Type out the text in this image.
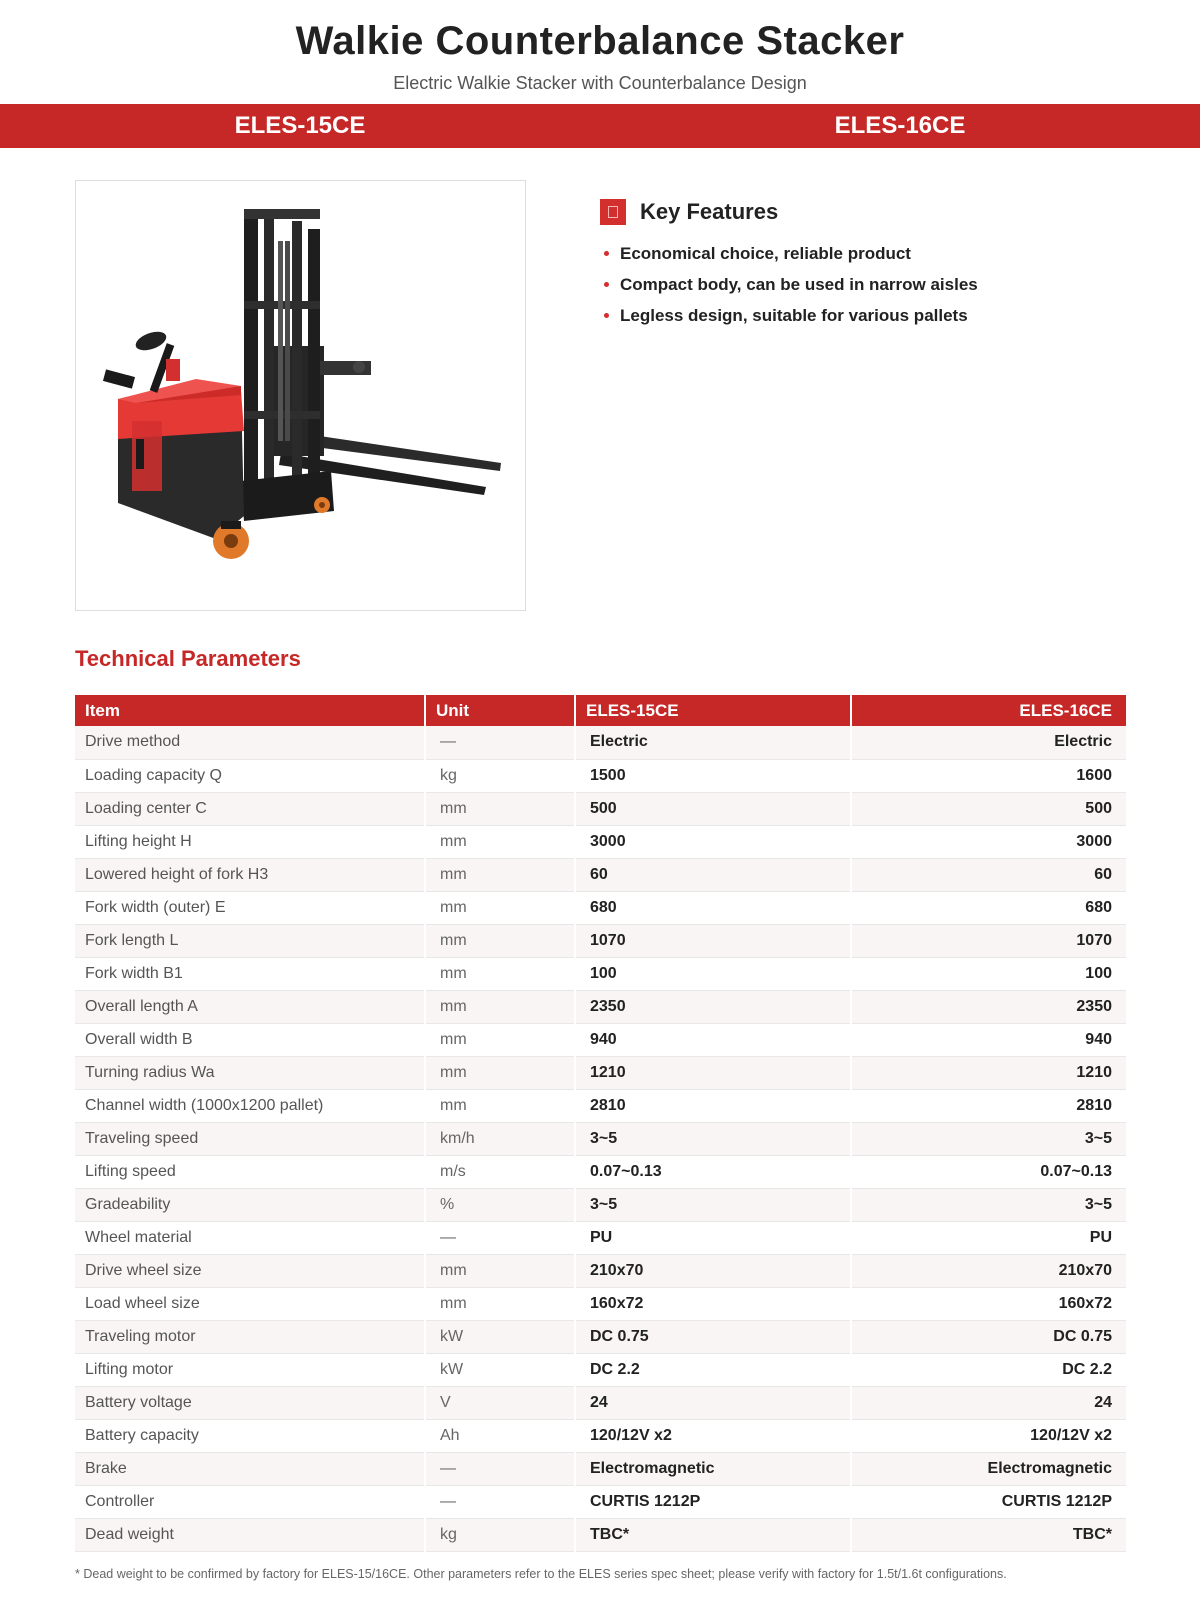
Walkie Counterbalance Stacker
Electric Walkie Stacker with Counterbalance Design
ELES-15CE	ELES-16CE
Key Features
Economical choice, reliable product
Compact body, can be used in narrow aisles
Legless design, suitable for various pallets
Technical Parameters
Item	Unit	ELES-15CE	ELES-16CE
Drive method	—	Electric	Electric
Loading capacity Q	kg	1500	1600
Loading center C	mm	500	500
Lifting height H	mm	3000	3000
Lowered height of fork H3	mm	60	60
Fork width (outer) E	mm	680	680
Fork length L	mm	1070	1070
Fork width B1	mm	100	100
Overall length A	mm	2350	2350
Overall width B	mm	940	940
Turning radius Wa	mm	1210	1210
Channel width (1000x1200 pallet)	mm	2810	2810
Traveling speed	km/h	3~5	3~5
Lifting speed	m/s	0.07~0.13	0.07~0.13
Gradeability	%	3~5	3~5
Wheel material	—	PU	PU
Drive wheel size	mm	210x70	210x70
Load wheel size	mm	160x72	160x72
Traveling motor	kW	DC 0.75	DC 0.75
Lifting motor	kW	DC 2.2	DC 2.2
Battery voltage	V	24	24
Battery capacity	Ah	120/12V x2	120/12V x2
Brake	—	Electromagnetic	Electromagnetic
Controller	—	CURTIS 1212P	CURTIS 1212P
Dead weight	kg	TBC*	TBC*
* Dead weight to be confirmed by factory for ELES-15/16CE. Other parameters refer to the ELES series spec sheet; please verify with factory for 1.5t/1.6t configurations.
